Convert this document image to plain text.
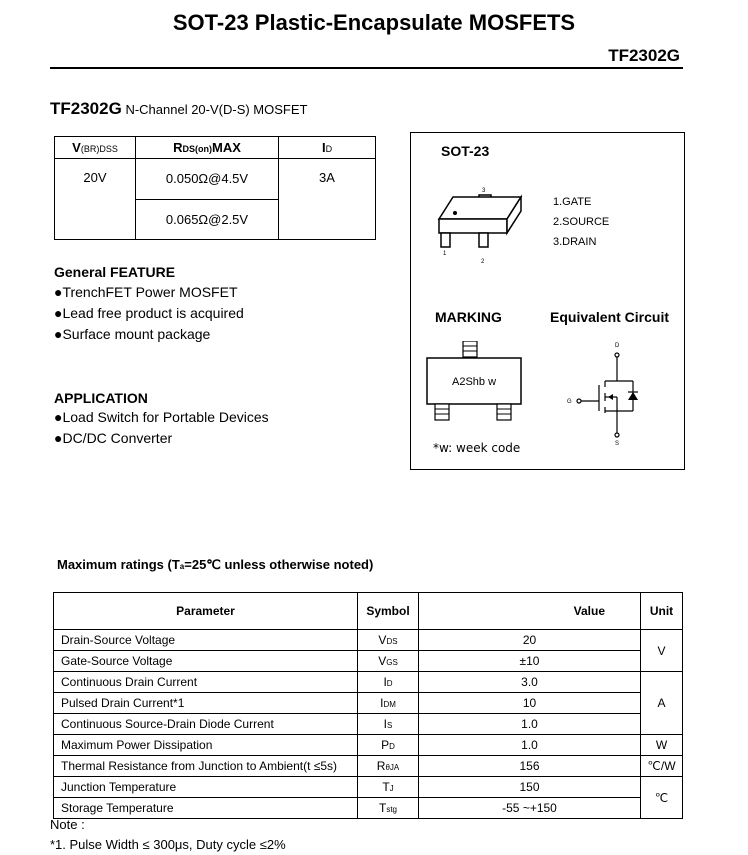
SOT-23 Plastic-Encapsulate MOSFETS
TF2302G
TF2302G N-Channel 20-V(D-S) MOSFET
V(BR)DSS	RDS(on)MAX	ID
20V	0.050Ω@4.5V	3A
	0.065Ω@2.5V	
General FEATURE
●TrenchFET Power MOSFET
●Lead free product is acquired
●Surface mount package
APPLICATION
●Load Switch for Portable Devices
●DC/DC Converter
SOT-23
1
2
3
1.GATE
2.SOURCE
3.DRAIN
MARKING	Equivalent Circuit
A2Shb w
*w: week code
D
G
S
Maximum ratings (Ta=25℃ unless otherwise noted)
Parameter	Symbol	Value	Unit
Drain-Source Voltage	VDS	20	V
Gate-Source Voltage	VGS	±10	
Continuous Drain Current	ID	3.0	A
Pulsed Drain Current*1	IDM	10	
Continuous Source-Drain Diode Current	IS	1.0	
Maximum Power Dissipation	PD	1.0	W
Thermal Resistance from Junction to Ambient(t ≤5s)	RθJA	156	℃/W
Junction Temperature	TJ	150	℃
Storage Temperature	Tstg	-55 ~+150	
Note :
*1. Pulse Width ≤ 300μs, Duty cycle ≤2%
